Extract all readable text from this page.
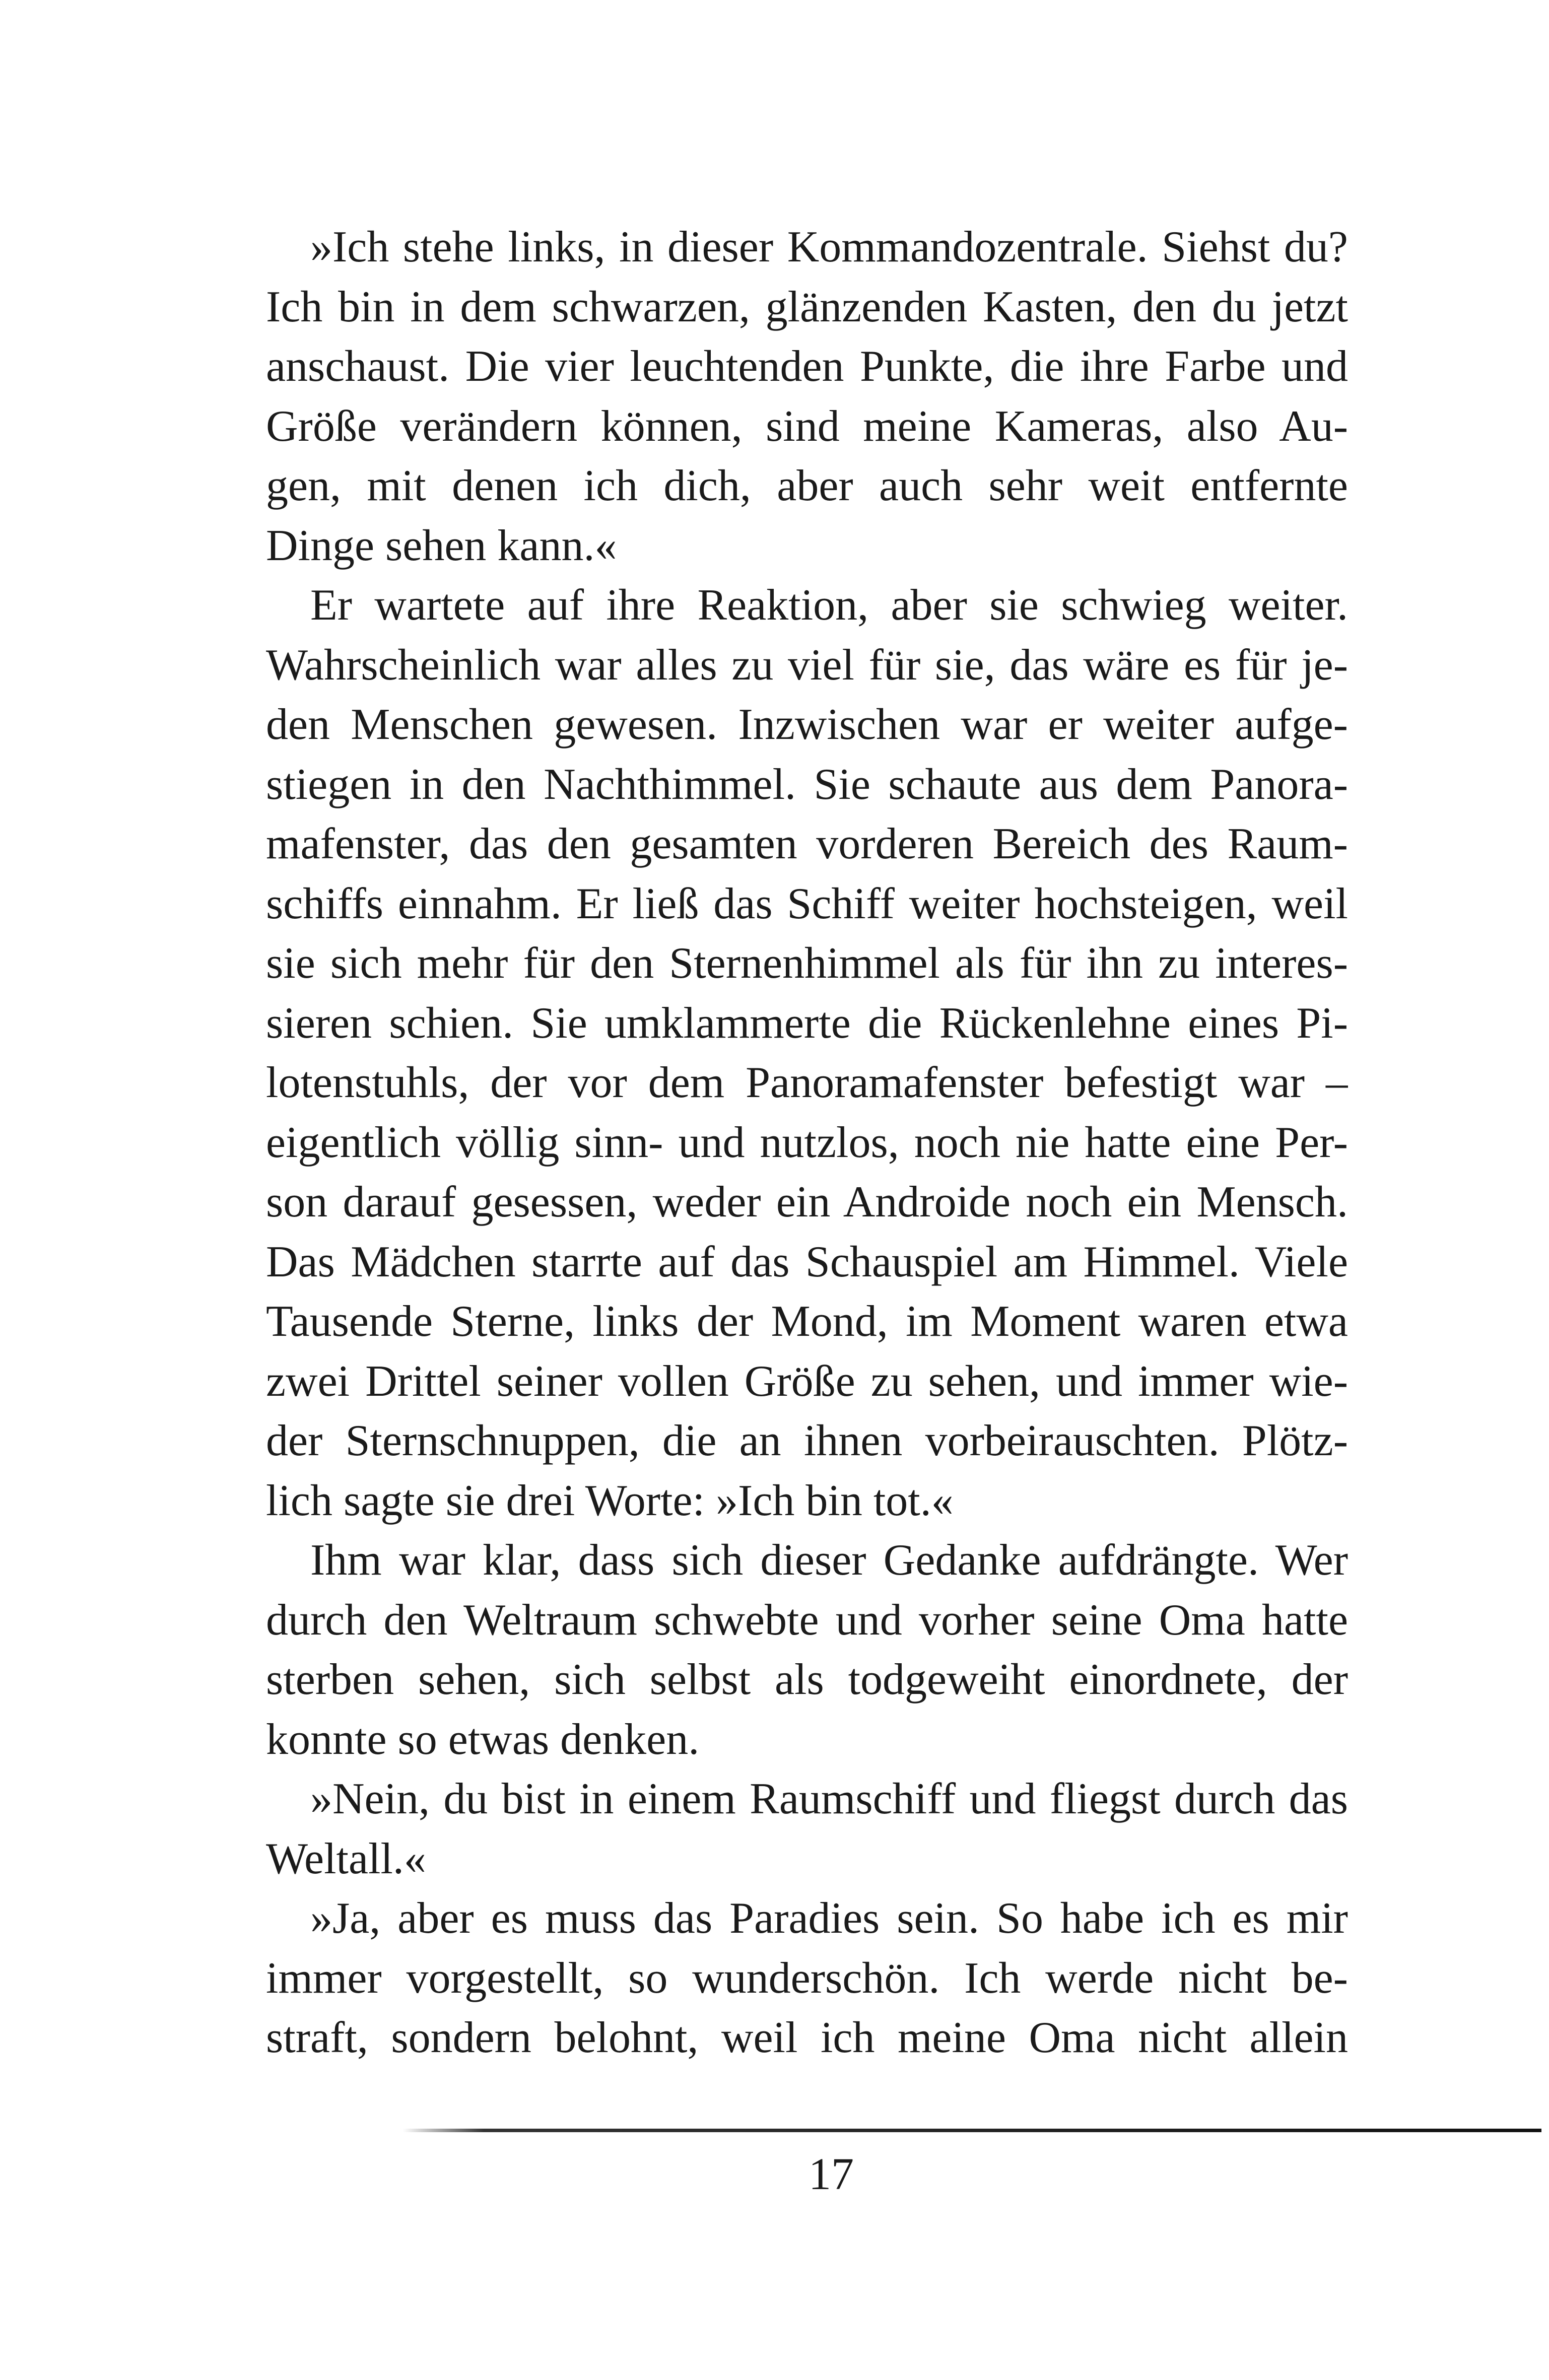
»Ich stehe links, in dieser Kommandozentrale. Siehst du?
Ich bin in dem schwarzen, glänzenden Kasten, den du jetzt
anschaust. Die vier leuchtenden Punkte, die ihre Farbe und
Größe verändern können, sind meine Kameras, also Au-
gen, mit denen ich dich, aber auch sehr weit entfernte
Dinge sehen kann.«
Er wartete auf ihre Reaktion, aber sie schwieg weiter.
Wahrscheinlich war alles zu viel für sie, das wäre es für je-
den Menschen gewesen. Inzwischen war er weiter aufge-
stiegen in den Nachthimmel. Sie schaute aus dem Panora-
mafenster, das den gesamten vorderen Bereich des Raum-
schiffs einnahm. Er ließ das Schiff weiter hochsteigen, weil
sie sich mehr für den Sternenhimmel als für ihn zu interes-
sieren schien. Sie umklammerte die Rückenlehne eines Pi-
lotenstuhls, der vor dem Panoramafenster befestigt war –
eigentlich völlig sinn- und nutzlos, noch nie hatte eine Per-
son darauf gesessen, weder ein Androide noch ein Mensch.
Das Mädchen starrte auf das Schauspiel am Himmel. Viele
Tausende Sterne, links der Mond, im Moment waren etwa
zwei Drittel seiner vollen Größe zu sehen, und immer wie-
der Sternschnuppen, die an ihnen vorbeirauschten. Plötz-
lich sagte sie drei Worte: »Ich bin tot.«
Ihm war klar, dass sich dieser Gedanke aufdrängte. Wer
durch den Weltraum schwebte und vorher seine Oma hatte
sterben sehen, sich selbst als todgeweiht einordnete, der
konnte so etwas denken.
»Nein, du bist in einem Raumschiff und fliegst durch das
Weltall.«
»Ja, aber es muss das Paradies sein. So habe ich es mir
immer vorgestellt, so wunderschön. Ich werde nicht be-
straft, sondern belohnt, weil ich meine Oma nicht allein
17
